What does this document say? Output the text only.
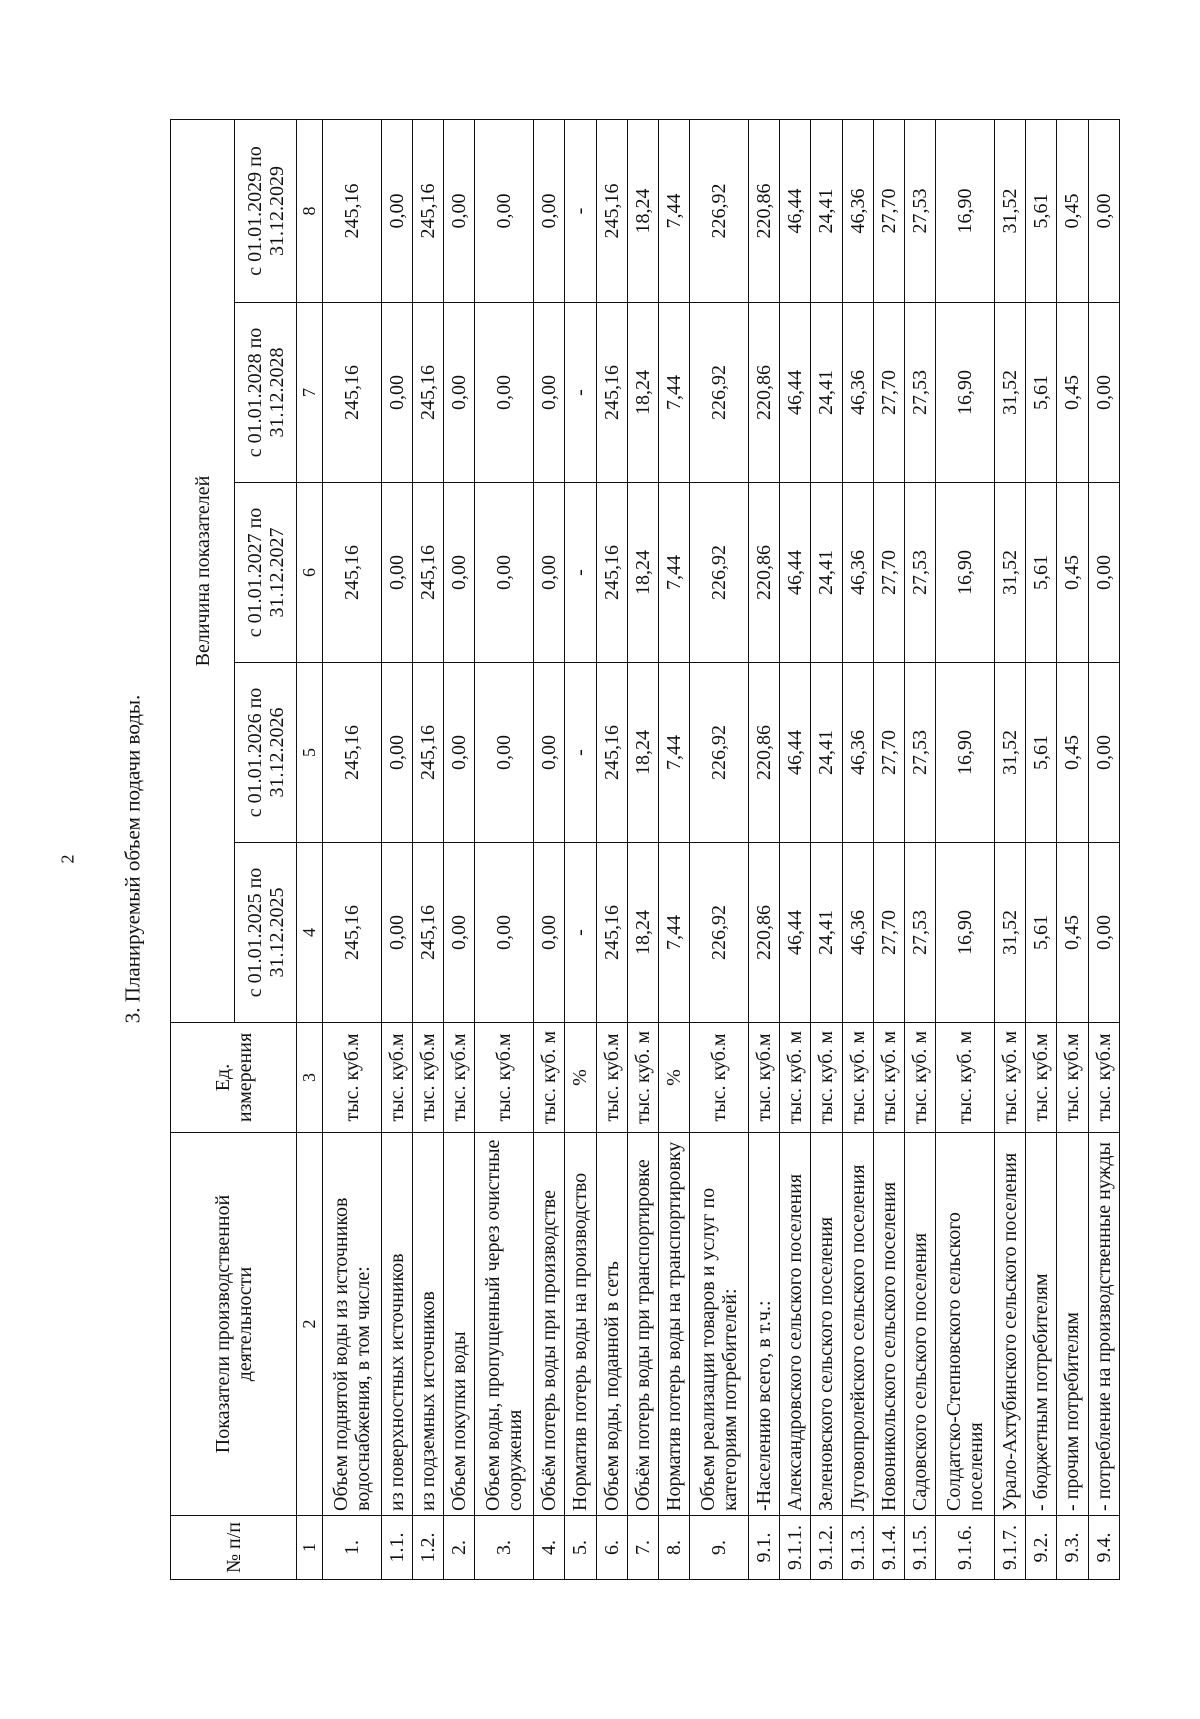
2 3. Планируемый объем подачи воды.
№ п/п	Показатели производственной деятельности	Ед. измерения	Величина показателей				
			с 01.01.2025 по 31.12.2025	с 01.01.2026 по 31.12.2026	с 01.01.2027 по 31.12.2027	с 01.01.2028 по 31.12.2028	с 01.01.2029 по 31.12.2029
1	2	3	4	5	6	7	8
1.	Объем поднятой воды из источников водоснабжения, в том числе:	тыс. куб.м	245,16	245,16	245,16	245,16	245,16
1.1.	из поверхностных источников	тыс. куб.м	0,00	0,00	0,00	0,00	0,00
1.2.	из подземных источников	тыс. куб.м	245,16	245,16	245,16	245,16	245,16
2.	Объем покупки воды	тыс. куб.м	0,00	0,00	0,00	0,00	0,00
3.	Объем воды, пропущенный через очистные сооружения	тыс. куб.м	0,00	0,00	0,00	0,00	0,00
4.	Объём потерь воды при производстве	тыс. куб. м	0,00	0,00	0,00	0,00	0,00
5.	Норматив потерь воды на производство	%	-	-	-	-	-
6.	Объем воды, поданной в сеть	тыс. куб.м	245,16	245,16	245,16	245,16	245,16
7.	Объём потерь воды при транспортировке	тыс. куб. м	18,24	18,24	18,24	18,24	18,24
8.	Норматив потерь воды на транспортировку	%	7,44	7,44	7,44	7,44	7,44
9.	Объем реализации товаров и услуг по категориям потребителей:	тыс. куб.м	226,92	226,92	226,92	226,92	226,92
9.1.	-Населению всего, в т.ч.:	тыс. куб.м	220,86	220,86	220,86	220,86	220,86
9.1.1.	Александровского сельского поселения	тыс. куб. м	46,44	46,44	46,44	46,44	46,44
9.1.2.	Зеленовского сельского поселения	тыс. куб. м	24,41	24,41	24,41	24,41	24,41
9.1.3.	Луговопролейского сельского поселения	тыс. куб. м	46,36	46,36	46,36	46,36	46,36
9.1.4.	Новоникольского сельского поселения	тыс. куб. м	27,70	27,70	27,70	27,70	27,70
9.1.5.	Садовского сельского поселения	тыс. куб. м	27,53	27,53	27,53	27,53	27,53
9.1.6.	Солдатско-Степновского сельского поселения	тыс. куб. м	16,90	16,90	16,90	16,90	16,90
9.1.7.	Урало-Ахтубинского сельского поселения	тыс. куб. м	31,52	31,52	31,52	31,52	31,52
9.2.	- бюджетным потребителям	тыс. куб.м	5,61	5,61	5,61	5,61	5,61
9.3.	- прочим потребителям	тыс. куб.м	0,45	0,45	0,45	0,45	0,45
9.4.	- потребление на производственные нужды	тыс. куб.м	0,00	0,00	0,00	0,00	0,00
